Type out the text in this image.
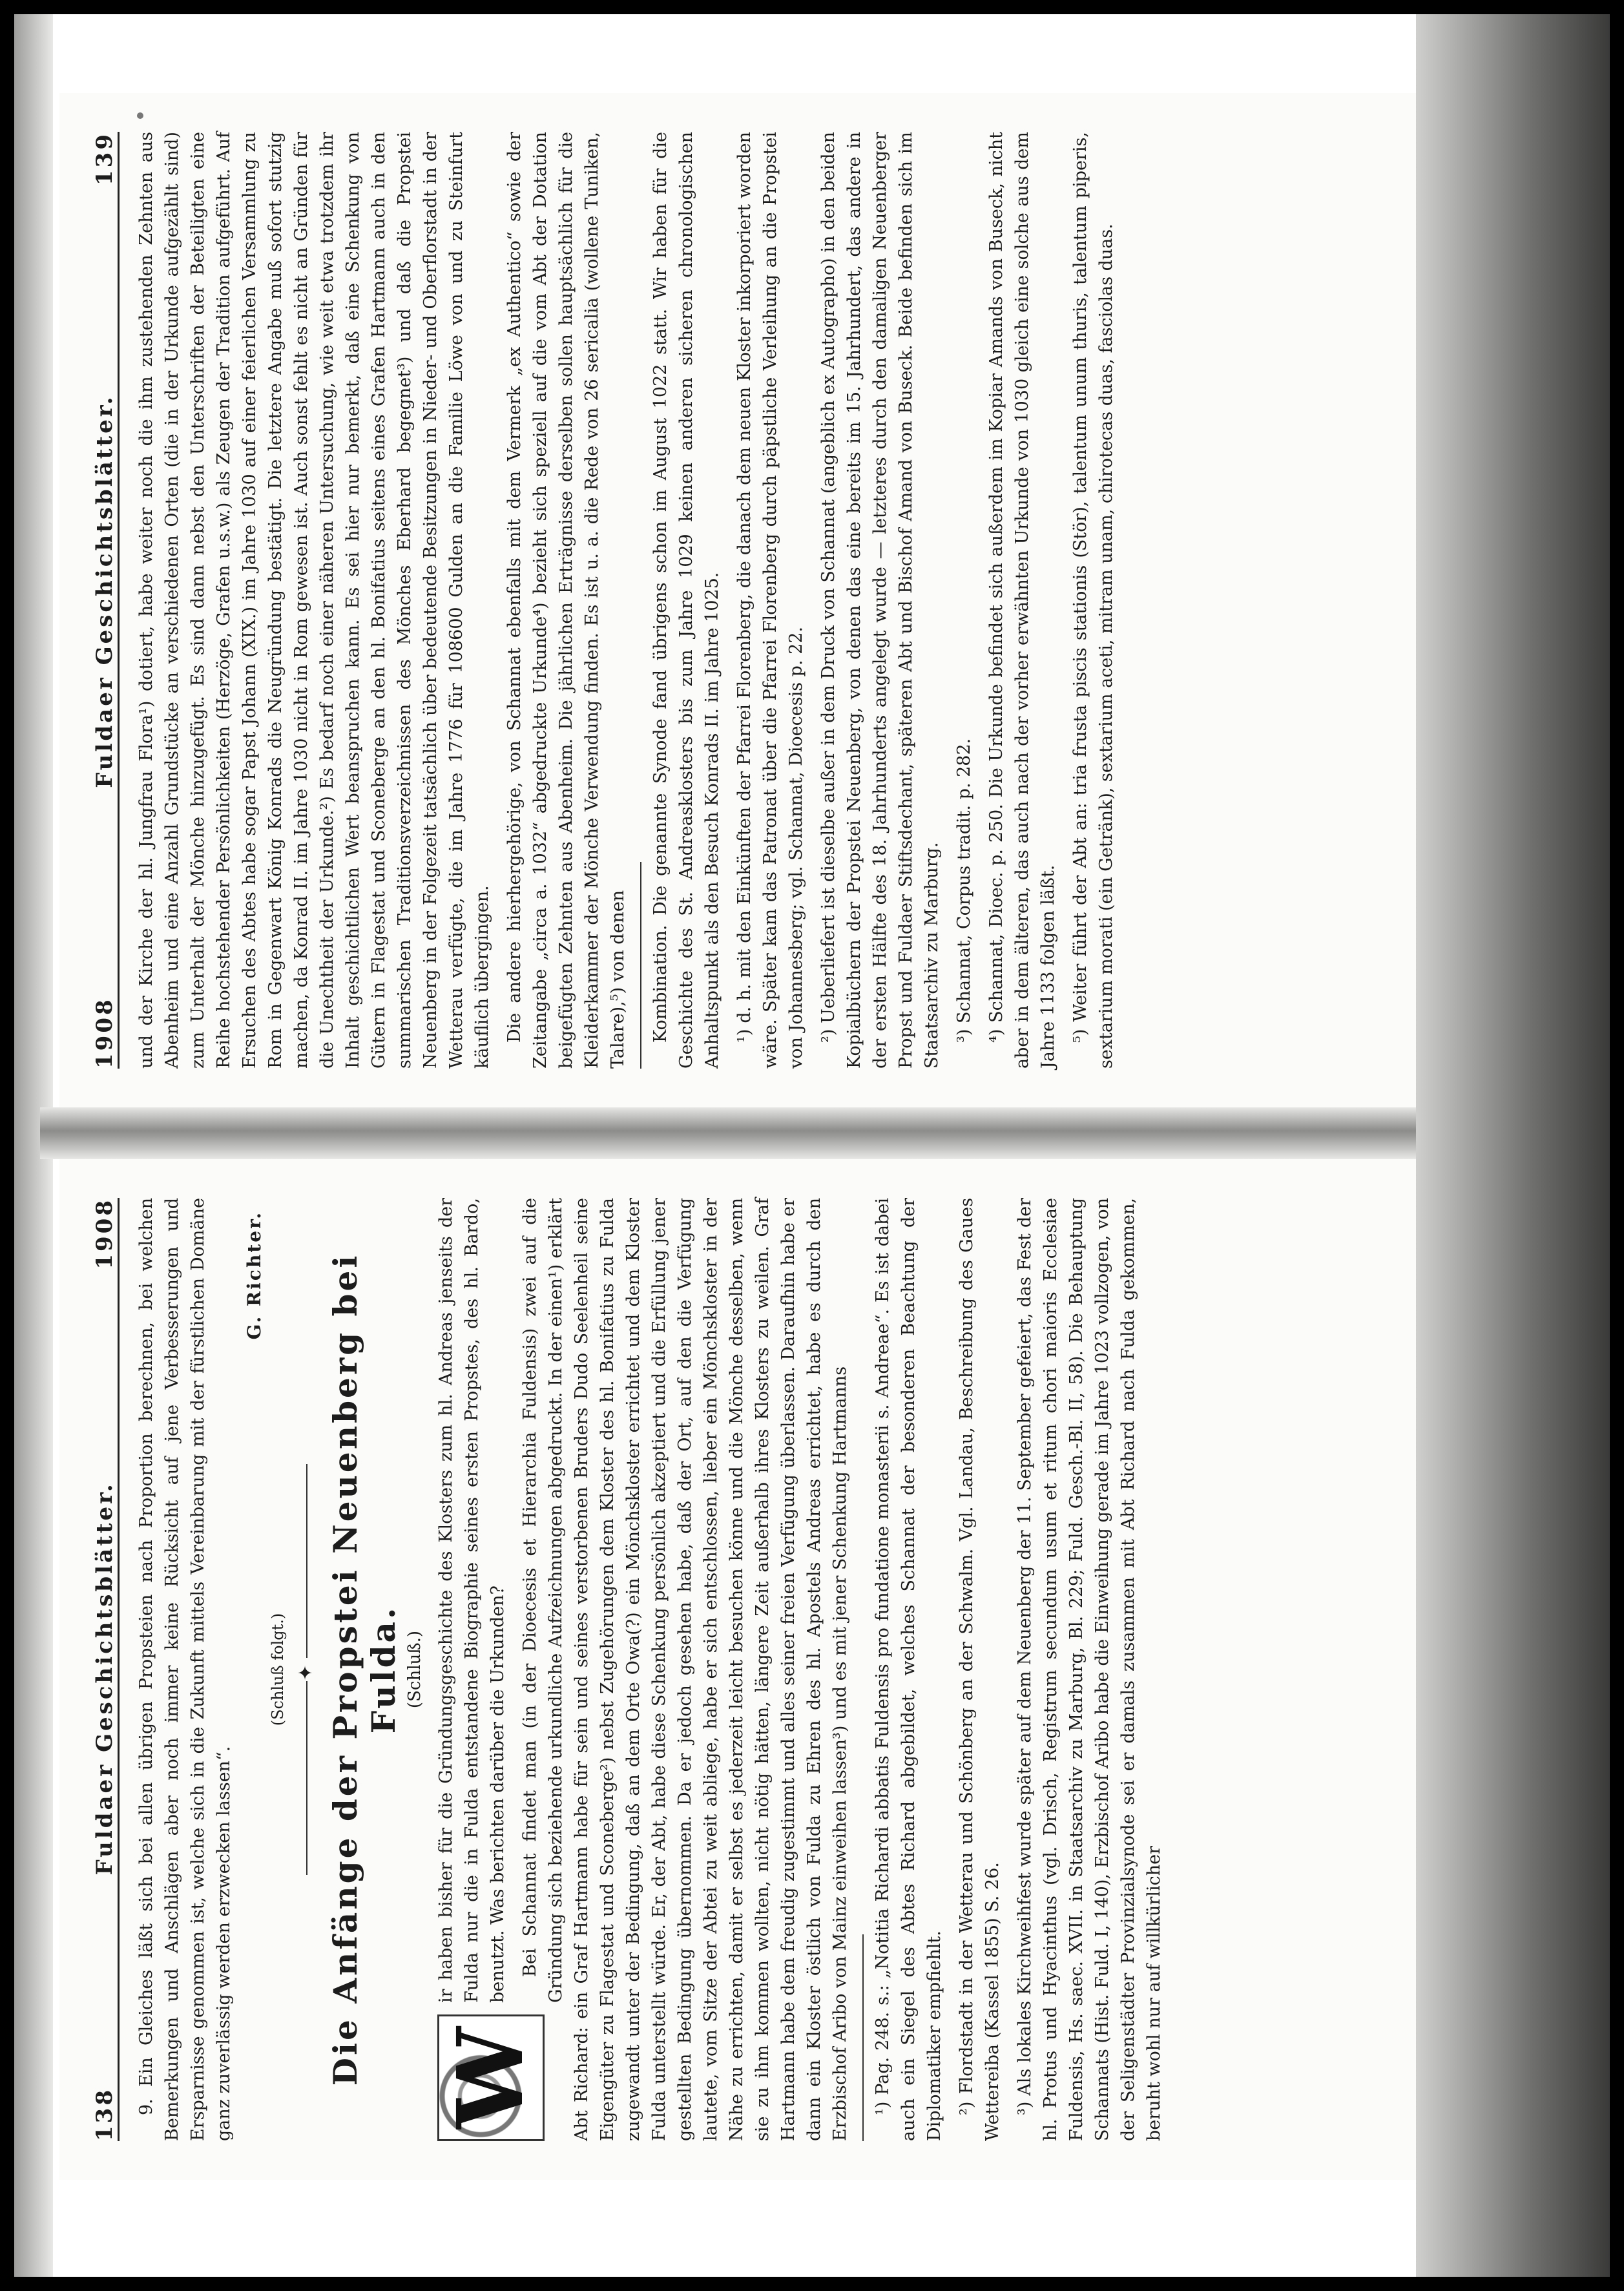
138
Fuldaer Geschichtsblätter.
1908 9. Ein Gleiches läßt sich bei allen übrigen Propsteien nach Proportion berechnen, bei welchen Bemerkungen und Anschlägen aber noch immer keine Rücksicht auf jene Verbesserungen und Ersparnisse genommen ist, welche sich in die Zukunft mittels Vereinbarung mit der fürstlichen Domäne ganz zuverlässig werden erzwecken lassen“.

G. Richter.
(Schluß folgt.) ✦ Die Anfänge der Propstei Neuenberg bei Fulda. (Schluß.)
W

ir haben bisher für die Gründungsgeschichte des Klosters zum hl. Andreas jenseits der Fulda nur die in Fulda entstandene Biographie seines ersten Propstes, des hl. Bardo, benutzt. Was berichten darüber die Urkunden? Bei Schannat findet man (in der Dioecesis et Hierarchia Fuldensis) zwei auf die Gründung sich beziehende urkundliche Aufzeichnungen abgedruckt. In der einen¹) erklärt Abt Richard: ein Graf Hartmann habe für sein und seines verstorbenen Bruders Dudo Seelenheil seine Eigengüter zu Flagestat und Sconeberge²) nebst Zugehörungen dem Kloster des hl. Bonifatius zu Fulda zugewandt unter der Bedingung, daß an dem Orte Owa(?) ein Mönchskloster errichtet und dem Kloster Fulda unterstellt würde. Er, der Abt, habe diese Schenkung persönlich akzeptiert und die Erfüllung jener gestellten Bedingung übernommen. Da er jedoch gesehen habe, daß der Ort, auf den die Verfügung lautete, vom Sitze der Abtei zu weit abliege, habe er sich entschlossen, lieber ein Mönchskloster in der Nähe zu errichten, damit er selbst es jederzeit leicht besuchen könne und die Mönche desselben, wenn sie zu ihm kommen wollten, nicht nötig hätten, längere Zeit außerhalb ihres Klosters zu weilen. Graf Hartmann habe dem freudig zugestimmt und alles seiner freien Verfügung überlassen. Daraufhin habe er dann ein Kloster östlich von Fulda zu Ehren des hl. Apostels Andreas errichtet, habe es durch den Erzbischof Aribo von Mainz einweihen lassen³) und es mit jener Schenkung Hartmanns ¹) Pag. 248. s.: „Notitia Richardi abbatis Fuldensis pro fundatione monasterii s. Andreae“. Es ist dabei auch ein Siegel des Abtes Richard abgebildet, welches Schannat der besonderen Beachtung der Diplomatiker empfiehlt. ²) Flordstadt in der Wetterau und Schönberg an der Schwalm. Vgl. Landau, Beschreibung des Gaues Wettereiba (Kassel 1855) S. 26. ³) Als lokales Kirchweihfest wurde später auf dem Neuenberg der 11. September gefeiert, das Fest der hl. Protus und Hyacinthus (vgl. Drisch, Registrum secundum usum et ritum chori maioris Ecclesiae Fuldensis, Hs. saec. XVII. in Staatsarchiv zu Marburg, Bl. 229; Fuld. Gesch.-Bl. II, 58). Die Behauptung Schannats (Hist. Fuld. I, 140), Erzbischof Aribo habe die Einweihung gerade im Jahre 1023 vollzogen, von der Seligenstädter Provinzialsynode sei er damals zusammen mit Abt Richard nach Fulda gekommen, beruht wohl nur auf willkürlicher

1908
Fuldaer Geschichtsblätter.
139 und der Kirche der hl. Jungfrau Flora¹) dotiert, habe weiter noch die ihm zustehenden Zehnten aus Abenheim und eine Anzahl Grundstücke an verschiedenen Orten (die in der Urkunde aufgezählt sind) zum Unterhalt der Mönche hinzugefügt. Es sind dann nebst den Unterschriften der Beteiligten eine Reihe hochstehender Persönlichkeiten (Herzöge, Grafen u.s.w.) als Zeugen der Tradition aufgeführt. Auf Ersuchen des Abtes habe sogar Papst Johann (XIX.) im Jahre 1030 auf einer feierlichen Versammlung zu Rom in Gegenwart König Konrads die Neugründung bestätigt. Die letztere Angabe muß sofort stutzig machen, da Konrad II. im Jahre 1030 nicht in Rom gewesen ist. Auch sonst fehlt es nicht an Gründen für die Unechtheit der Urkunde.²) Es bedarf noch einer näheren Untersuchung, wie weit etwa trotzdem ihr Inhalt geschichtlichen Wert beanspruchen kann. Es sei hier nur bemerkt, daß eine Schenkung von Gütern in Flagestat und Sconeberge an den hl. Bonifatius seitens eines Grafen Hartmann auch in den summarischen Traditionsverzeichnissen des Mönches Eberhard begegnet³) und daß die Propstei Neuenberg in der Folgezeit tatsächlich über bedeutende Besitzungen in Nieder- und Oberflorstadt in der Wetterau verfügte, die im Jahre 1776 für 108600 Gulden an die Familie Löwe von und zu Steinfurt käuflich übergingen. Die andere hierhergehörige, von Schannat ebenfalls mit dem Vermerk „ex Authentico“ sowie der Zeitangabe „circa a. 1032“ abgedruckte Urkunde⁴) bezieht sich speziell auf die vom Abt der Dotation beigefügten Zehnten aus Abenheim. Die jährlichen Erträgnisse derselben sollen hauptsächlich für die Kleiderkammer der Mönche Verwendung finden. Es ist u. a. die Rede von 26 sericalia (wollene Tuniken, Talare),⁵) von denen Kombination. Die genannte Synode fand übrigens schon im August 1022 statt. Wir haben für die Geschichte des St. Andreasklosters bis zum Jahre 1029 keinen anderen sicheren chronologischen Anhaltspunkt als den Besuch Konrads II. im Jahre 1025. ¹) d. h. mit den Einkünften der Pfarrei Florenberg, die danach dem neuen Kloster inkorporiert worden wäre. Später kam das Patronat über die Pfarrei Florenberg durch päpstliche Verleihung an die Propstei von Johannesberg; vgl. Schannat, Dioecesis p. 22. ²) Ueberliefert ist dieselbe außer in dem Druck von Schannat (angeblich ex Autographo) in den beiden Kopialbüchern der Propstei Neuenberg, von denen das eine bereits im 15. Jahrhundert, das andere in der ersten Hälfte des 18. Jahrhunderts angelegt wurde — letzteres durch den damaligen Neuenberger Propst und Fuldaer Stiftsdechant, späteren Abt und Bischof Amand von Buseck. Beide befinden sich im Staatsarchiv zu Marburg. ³) Schannat, Corpus tradit. p. 282. ⁴) Schannat, Dioec. p. 250. Die Urkunde befindet sich außerdem im Kopiar Amands von Buseck, nicht aber in dem älteren, das auch nach der vorher erwähnten Urkunde von 1030 gleich eine solche aus dem Jahre 1133 folgen läßt. ⁵) Weiter führt der Abt an: tria frusta piscis stationis (Stör), talentum unum thuris, talentum piperis, sextarium morati (ein Getränk), sextarium aceti, mitram unam, chirotecas duas, fasciolas duas.
